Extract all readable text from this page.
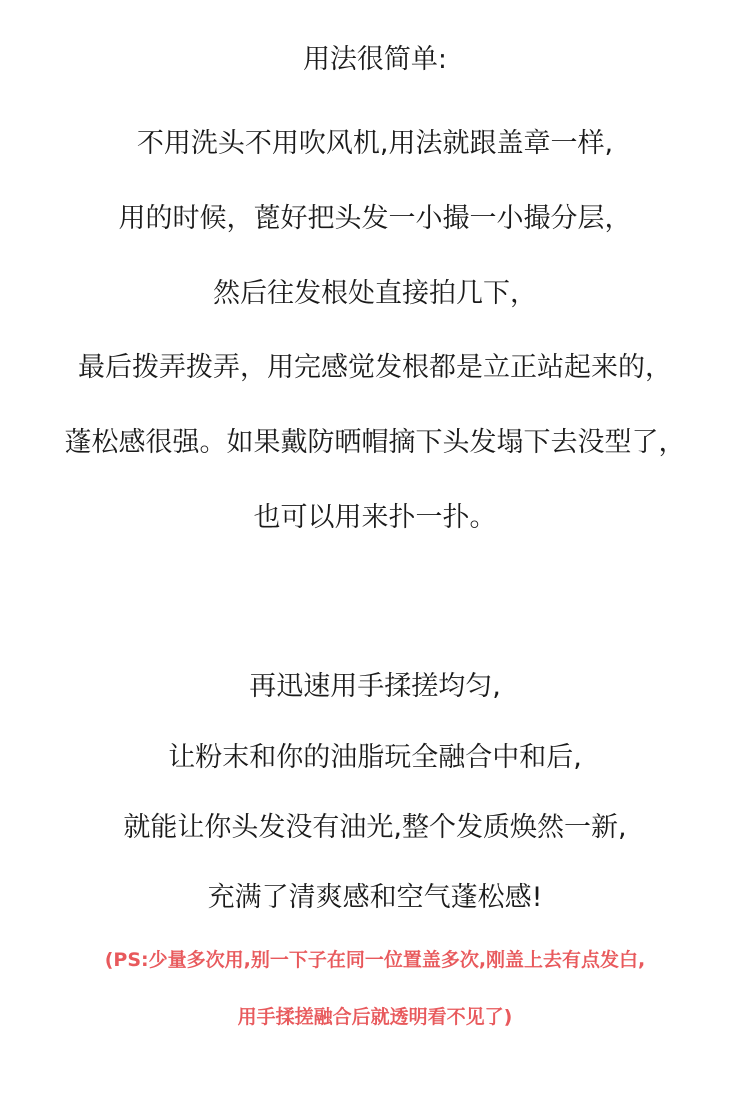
用法很简单:
不用洗头不用吹风机,用法就跟盖章一样,
用的时候，蓖好把头发一小撮一小撮分层，
然后往发根处直接拍几下，
最后拨弄拨弄，用完感觉发根都是立正站起来的，
蓬松感很强。如果戴防晒帽摘下头发塌下去没型了，
也可以用来扑一扑。
再迅速用手揉搓均匀,
让粉末和你的油脂玩全融合中和后,
就能让你头发没有油光,整个发质焕然一新,
充满了清爽感和空气蓬松感!
(PS:少量多次用,别一下子在同一位置盖多次,刚盖上去有点发白,
用手揉搓融合后就透明看不见了)
